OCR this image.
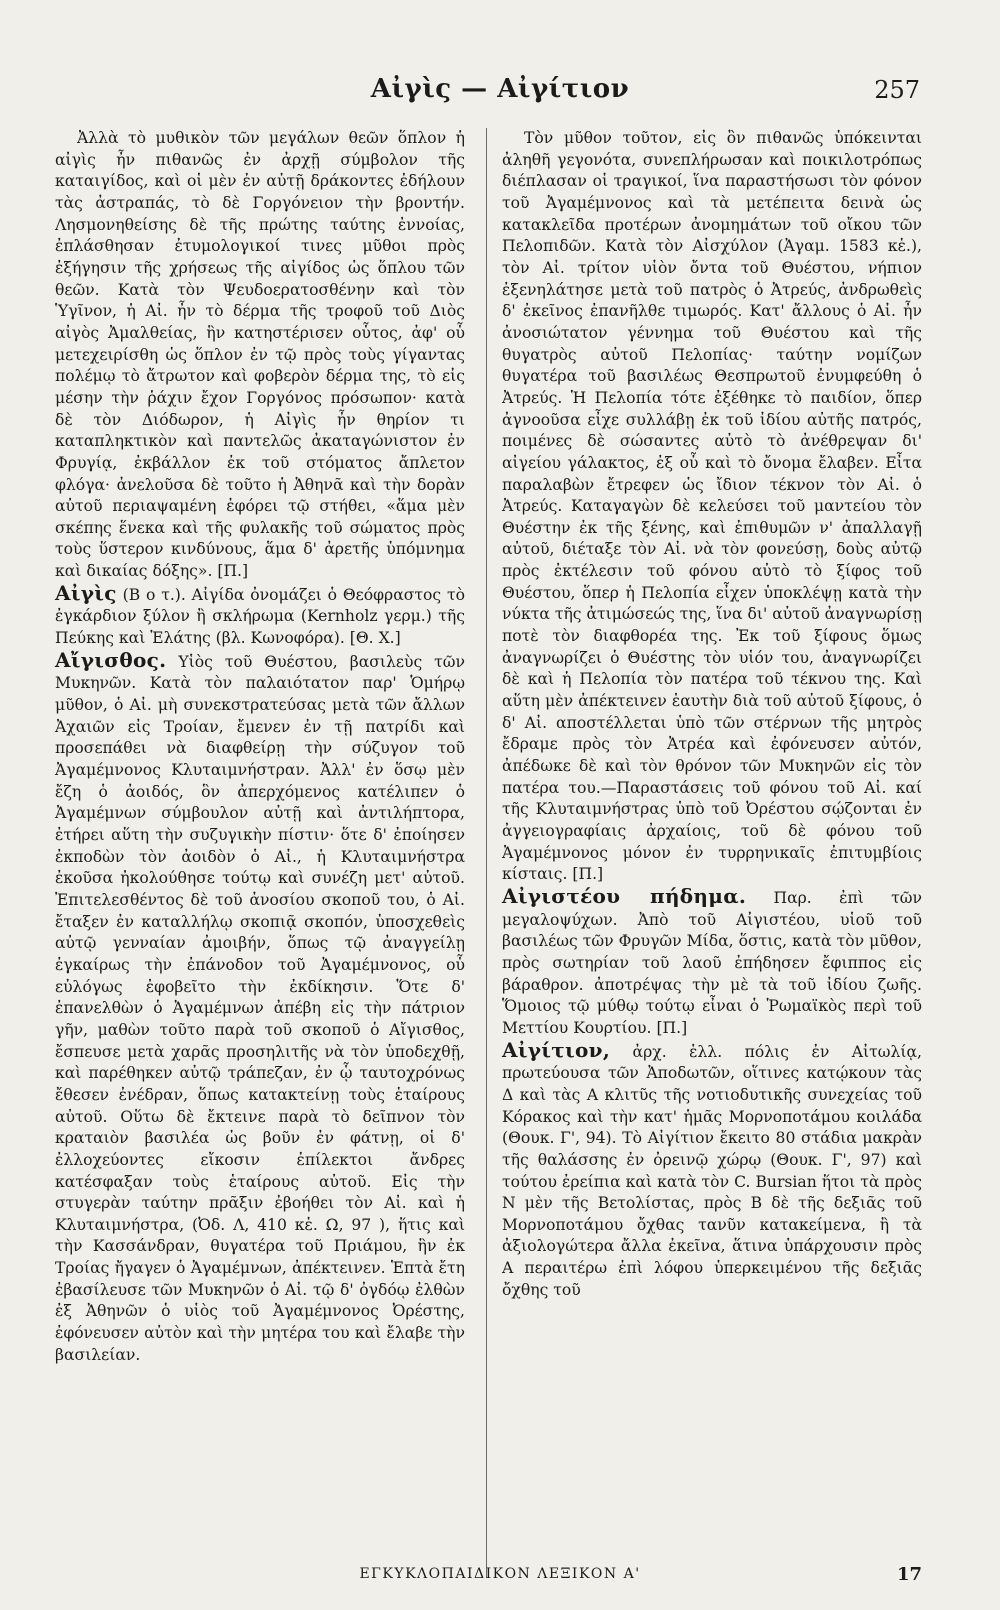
Αἰγὶς — Αἰγίτιον	257

Ἀλλὰ τὸ μυθικὸν τῶν μεγάλων θεῶν ὅπλον ἡ αἰγὶς ἦν πιθανῶς ἐν ἀρχῇ σύμβολον τῆς καταιγίδος, καὶ οἱ μὲν ἐν αὐτῇ δράκοντες ἐδήλουν τὰς ἀστραπάς, τὸ δὲ Γοργόνειον τὴν βροντήν. Λησμονηθείσης δὲ τῆς πρώτης ταύτης ἐννοίας, ἐπλάσθησαν ἐτυμολογικοί τινες μῦθοι πρὸς ἐξήγησιν τῆς χρήσεως τῆς αἰγίδος ὡς ὅπλου τῶν θεῶν. Κατὰ τὸν Ψευδοερατοσθένην καὶ τὸν Ὑγῖνον, ἡ Αἰ. ἦν τὸ δέρμα τῆς τροφοῦ τοῦ Διὸς αἰγὸς Ἀμαλθείας, ἣν κατηστέρισεν οὗτος, ἀφ' οὗ μετεχειρίσθη ὡς ὅπλον ἐν τῷ πρὸς τοὺς γίγαντας πολέμῳ τὸ ἄτρωτον καὶ φοβερὸν δέρμα της, τὸ εἰς μέσην τὴν ῥάχιν ἔχον Γοργόνος πρόσωπον· κατὰ δὲ τὸν Διόδωρον, ἡ Αἰγὶς ἦν θηρίον τι καταπληκτικὸν καὶ παντελῶς ἀκαταγώνιστον ἐν Φρυγίᾳ, ἐκβάλλον ἐκ τοῦ στόματος ἄπλετον φλόγα· ἀνελοῦσα δὲ τοῦτο ἡ Ἀθηνᾶ καὶ τὴν δορὰν αὐτοῦ περιαψαμένη ἐφόρει τῷ στήθει, «ἅμα μὲν σκέπης ἕνεκα καὶ τῆς φυλακῆς τοῦ σώματος πρὸς τοὺς ὕστερον κινδύνους, ἅμα δ' ἀρετῆς ὑπόμνημα καὶ δικαίας δόξης». [Π.]

Αἰγὶς (Β ο τ.). Αἰγίδα ὀνομάζει ὁ Θεόφραστος τὸ ἐγκάρδιον ξύλον ἢ σκλήρωμα (Kernholz γερμ.) τῆς Πεύκης καὶ Ἐλάτης (βλ. Κωνοφόρα). [Θ. Χ.]

Αἴγισθος. Υἱὸς τοῦ Θυέστου, βασιλεὺς τῶν Μυκηνῶν. Κατὰ τὸν παλαιότατον παρ' Ὁμήρῳ μῦθον, ὁ Αἰ. μὴ συνεκστρατεύσας μετὰ τῶν ἄλλων Ἀχαιῶν εἰς Τροίαν, ἔμενεν ἐν τῇ πατρίδι καὶ προσεπάθει νὰ διαφθείρῃ τὴν σύζυγον τοῦ Ἀγαμέμνονος Κλυταιμνήστραν. Ἀλλ' ἐν ὅσῳ μὲν ἔζη ὁ ἀοιδός, ὃν ἀπερχόμενος κατέλιπεν ὁ Ἀγαμέμνων σύμβουλον αὐτῇ καὶ ἀντιλήπτορα, ἐτήρει αὕτη τὴν συζυγικὴν πίστιν· ὅτε δ' ἐποίησεν ἐκποδὼν τὸν ἀοιδὸν ὁ Αἰ., ἡ Κλυταιμνήστρα ἐκοῦσα ἠκολούθησε τούτῳ καὶ συνέζη μετ' αὐτοῦ. Ἐπιτελεσθέντος δὲ τοῦ ἀνοσίου σκοποῦ του, ὁ Αἰ. ἔταξεν ἐν καταλλήλῳ σκοπιᾷ σκοπόν, ὑποσχεθεὶς αὐτῷ γενναίαν ἀμοιβήν, ὅπως τῷ ἀναγγείλῃ ἐγκαίρως τὴν ἐπάνοδον τοῦ Ἀγαμέμνονος, οὗ εὐλόγως ἐφοβεῖτο τὴν ἐκδίκησιν. Ὅτε δ' ἐπανελθὼν ὁ Ἀγαμέμνων ἀπέβη εἰς τὴν πάτριον γῆν, μαθὼν τοῦτο παρὰ τοῦ σκοποῦ ὁ Αἴγισθος, ἔσπευσε μετὰ χαρᾶς προσηλιτῆς νὰ τὸν ὑποδεχθῇ, καὶ παρέθηκεν αὐτῷ τράπεζαν, ἐν ᾧ ταυτοχρόνως ἔθεσεν ἐνέδραν, ὅπως κατακτείνῃ τοὺς ἑταίρους αὐτοῦ. Οὕτω δὲ ἔκτεινε παρὰ τὸ δεῖπνον τὸν κραταιὸν βασιλέα ὡς βοῦν ἐν φάτνῃ, οἱ δ' ἐλλοχεύοντες εἴκοσιν ἐπίλεκτοι ἄνδρες κατέσφαξαν τοὺς ἑταίρους αὐτοῦ. Εἰς τὴν στυγερὰν ταύτην πρᾶξιν ἐβοήθει τὸν Αἰ. καὶ ἡ Κλυταιμνήστρα, (Ὀδ. Λ, 410 κἑ. Ω, 97 ), ἥτις καὶ τὴν Κασσάνδραν, θυγατέρα τοῦ Πριάμου, ἣν ἐκ Τροίας ἤγαγεν ὁ Ἀγαμέμνων, ἀπέκτεινεν. Ἑπτὰ ἔτη ἐβασίλευσε τῶν Μυκηνῶν ὁ Αἰ. τῷ δ' ὀγδόῳ ἐλθὼν ἐξ Ἀθηνῶν ὁ υἱὸς τοῦ Ἀγαμέμνονος Ὀρέστης, ἐφόνευσεν αὐτὸν καὶ τὴν μητέρα του καὶ ἔλαβε τὴν βασιλείαν.

Τὸν μῦθον τοῦτον, εἰς ὃν πιθανῶς ὑπόκεινται ἀληθῆ γεγονότα, συνεπλήρωσαν καὶ ποικιλοτρόπως διέπλασαν οἱ τραγικοί, ἵνα παραστήσωσι τὸν φόνον τοῦ Ἀγαμέμνονος καὶ τὰ μετέπειτα δεινὰ ὡς κατακλεῖδα προτέρων ἀνομημάτων τοῦ οἴκου τῶν Πελοπιδῶν. Κατὰ τὸν Αἰσχύλον (Ἀγαμ. 1583 κἑ.), τὸν Αἰ. τρίτον υἱὸν ὄντα τοῦ Θυέστου, νήπιον ἐξενηλάτησε μετὰ τοῦ πατρὸς ὁ Ἀτρεύς, ἀνδρωθεὶς δ' ἐκεῖνος ἐπανῆλθε τιμωρός. Κατ' ἄλλους ὁ Αἰ. ἦν ἀνοσιώτατον γέννημα τοῦ Θυέστου καὶ τῆς θυγατρὸς αὐτοῦ Πελοπίας· ταύτην νομίζων θυγατέρα τοῦ βασιλέως Θεσπρωτοῦ ἐνυμφεύθη ὁ Ἀτρεύς. Ἡ Πελοπία τότε ἐξέθηκε τὸ παιδίον, ὅπερ ἀγνοοῦσα εἶχε συλλάβῃ ἐκ τοῦ ἰδίου αὐτῆς πατρός, ποιμένες δὲ σώσαντες αὐτὸ τὸ ἀνέθρεψαν δι' αἰγείου γάλακτος, ἐξ οὗ καὶ τὸ ὄνομα ἔλαβεν. Εἶτα παραλαβὼν ἔτρεφεν ὡς ἴδιον τέκνον τὸν Αἰ. ὁ Ἀτρεύς. Καταγαγὼν δὲ κελεύσει τοῦ μαντείου τὸν Θυέστην ἐκ τῆς ξένης, καὶ ἐπιθυμῶν ν' ἀπαλλαγῇ αὐτοῦ, διέταξε τὸν Αἰ. νὰ τὸν φονεύσῃ, δοὺς αὐτῷ πρὸς ἐκτέλεσιν τοῦ φόνου αὐτὸ τὸ ξίφος τοῦ Θυέστου, ὅπερ ἡ Πελοπία εἶχεν ὑποκλέψῃ κατὰ τὴν νύκτα τῆς ἀτιμώσεώς της, ἵνα δι' αὐτοῦ ἀναγνωρίσῃ ποτὲ τὸν διαφθορέα της. Ἐκ τοῦ ξίφους ὅμως ἀναγνωρίζει ὁ Θυέστης τὸν υἱόν του, ἀναγνωρίζει δὲ καὶ ἡ Πελοπία τὸν πατέρα τοῦ τέκνου της. Καὶ αὕτη μὲν ἀπέκτεινεν ἑαυτὴν διὰ τοῦ αὐτοῦ ξίφους, ὁ δ' Αἰ. αποστέλλεται ὑπὸ τῶν στέρνων τῆς μητρὸς ἔδραμε πρὸς τὸν Ἀτρέα καὶ ἐφόνευσεν αὐτόν, ἀπέδωκε δὲ καὶ τὸν θρόνον τῶν Μυκηνῶν εἰς τὸν πατέρα του.—Παραστάσεις τοῦ φόνου τοῦ Αἰ. καί τῆς Κλυταιμνήστρας ὑπὸ τοῦ Ὀρέστου σῴζονται ἐν ἀγγειογραφίαις ἀρχαίοις, τοῦ δὲ φόνου τοῦ Ἀγαμέμνονος μόνον ἐν τυρρηνικαῖς ἐπιτυμβίοις κίσταις. [Π.]

Αἰγιστέου πήδημα. Παρ. ἐπὶ τῶν μεγαλοψύχων. Ἀπὸ τοῦ Αἰγιστέου, υἱοῦ τοῦ βασιλέως τῶν Φρυγῶν Μίδα, ὅστις, κατὰ τὸν μῦθον, πρὸς σωτηρίαν τοῦ λαοῦ ἐπήδησεν ἔφιππος εἰς βάραθρον. ἀποτρέψας τὴν μὲ τὰ τοῦ ἰδίου ζωῆς. Ὅμοιος τῷ μύθῳ τούτῳ εἶναι ὁ Ῥωμαϊκὸς περὶ τοῦ Μεττίου Κουρτίου. [Π.]

Αἰγίτιον, ἀρχ. ἑλλ. πόλις ἐν Αἰτωλίᾳ, πρωτεύουσα τῶν Ἀποδωτῶν, οἵτινες κατῴκουν τὰς Δ καὶ τὰς Α κλιτῦς τῆς νοτιοδυτικῆς συνεχείας τοῦ Κόρακος καὶ τὴν κατ' ἡμᾶς Μορνοποτάμου κοιλάδα (Θουκ. Γ', 94). Τὸ Αἰγίτιον ἔκειτο 80 στάδια μακρὰν τῆς θαλάσσης ἐν ὀρεινῷ χώρῳ (Θουκ. Γ', 97) καὶ τούτου ἐρείπια καὶ κατὰ τὸν C. Bursian ἥτοι τὰ πρὸς Ν μὲν τῆς Βετολίστας, πρὸς Β δὲ τῆς δεξιᾶς τοῦ Μορνοποτάμου ὄχθας τανῦν κατακείμενα, ἢ τὰ ἀξιολογώτερα ἄλλα ἐκεῖνα, ἅτινα ὑπάρχουσιν πρὸς Α περαιτέρω ἐπὶ λόφου ὑπερκειμένου τῆς δεξιᾶς ὄχθης τοῦ

ΕΓΚΥΚΛΟΠΑΙΔΙΚΟΝ ΛΕΞΙΚΟΝ Α'	17
